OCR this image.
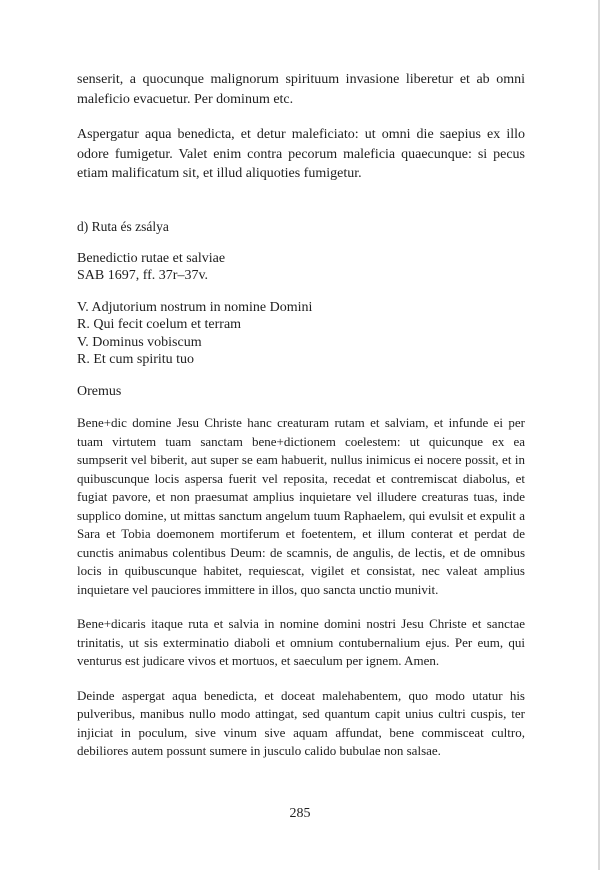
senserit, a quocunque malignorum spirituum invasione liberetur et ab omni maleficio evacuetur. Per dominum etc.

Aspergatur aqua benedicta, et detur maleficiato: ut omni die saepius ex illo odore fumigetur. Valet enim contra pecorum maleficia quaecunque: si pecus etiam malificatum sit, et illud aliquoties fumigetur.

d) Ruta és zsálya

Benedictio rutae et salviae

SAB 1697, ff. 37r–37v.

V. Adjutorium nostrum in nomine Domini

R. Qui fecit coelum et terram

V. Dominus vobiscum

R. Et cum spiritu tuo

Oremus

Bene+dic domine Jesu Christe hanc creaturam rutam et salviam, et infunde ei per tuam virtutem tuam sanctam bene+dictionem coelestem: ut quicunque ex ea sumpserit vel biberit, aut super se eam habuerit, nullus inimicus ei nocere possit, et in quibuscunque locis aspersa fuerit vel reposita, recedat et contremiscat diabolus, et fugiat pavore, et non praesumat amplius inquietare vel illudere creaturas tuas, inde supplico domine, ut mittas sanctum angelum tuum Raphaelem, qui evulsit et expulit a Sara et Tobia doemonem mortiferum et foetentem, et illum conterat et perdat de cunctis animabus colentibus Deum: de scamnis, de angulis, de lectis, et de omnibus locis in quibuscunque habitet, requiescat, vigilet et consistat, nec valeat amplius inquietare vel pauciores immittere in illos, quo sancta unctio munivit.

Bene+dicaris itaque ruta et salvia in nomine domini nostri Jesu Christe et sanctae trinitatis, ut sis exterminatio diaboli et omnium contubernalium ejus. Per eum, qui venturus est judicare vivos et mortuos, et saeculum per ignem. Amen.

Deinde aspergat aqua benedicta, et doceat malehabentem, quo modo utatur his pulveribus, manibus nullo modo attingat, sed quantum capit unius cultri cuspis, ter injiciat in poculum, sive vinum sive aquam affundat, bene commisceat cultro, debiliores autem possunt sumere in jusculo calido bubulae non salsae.

285
